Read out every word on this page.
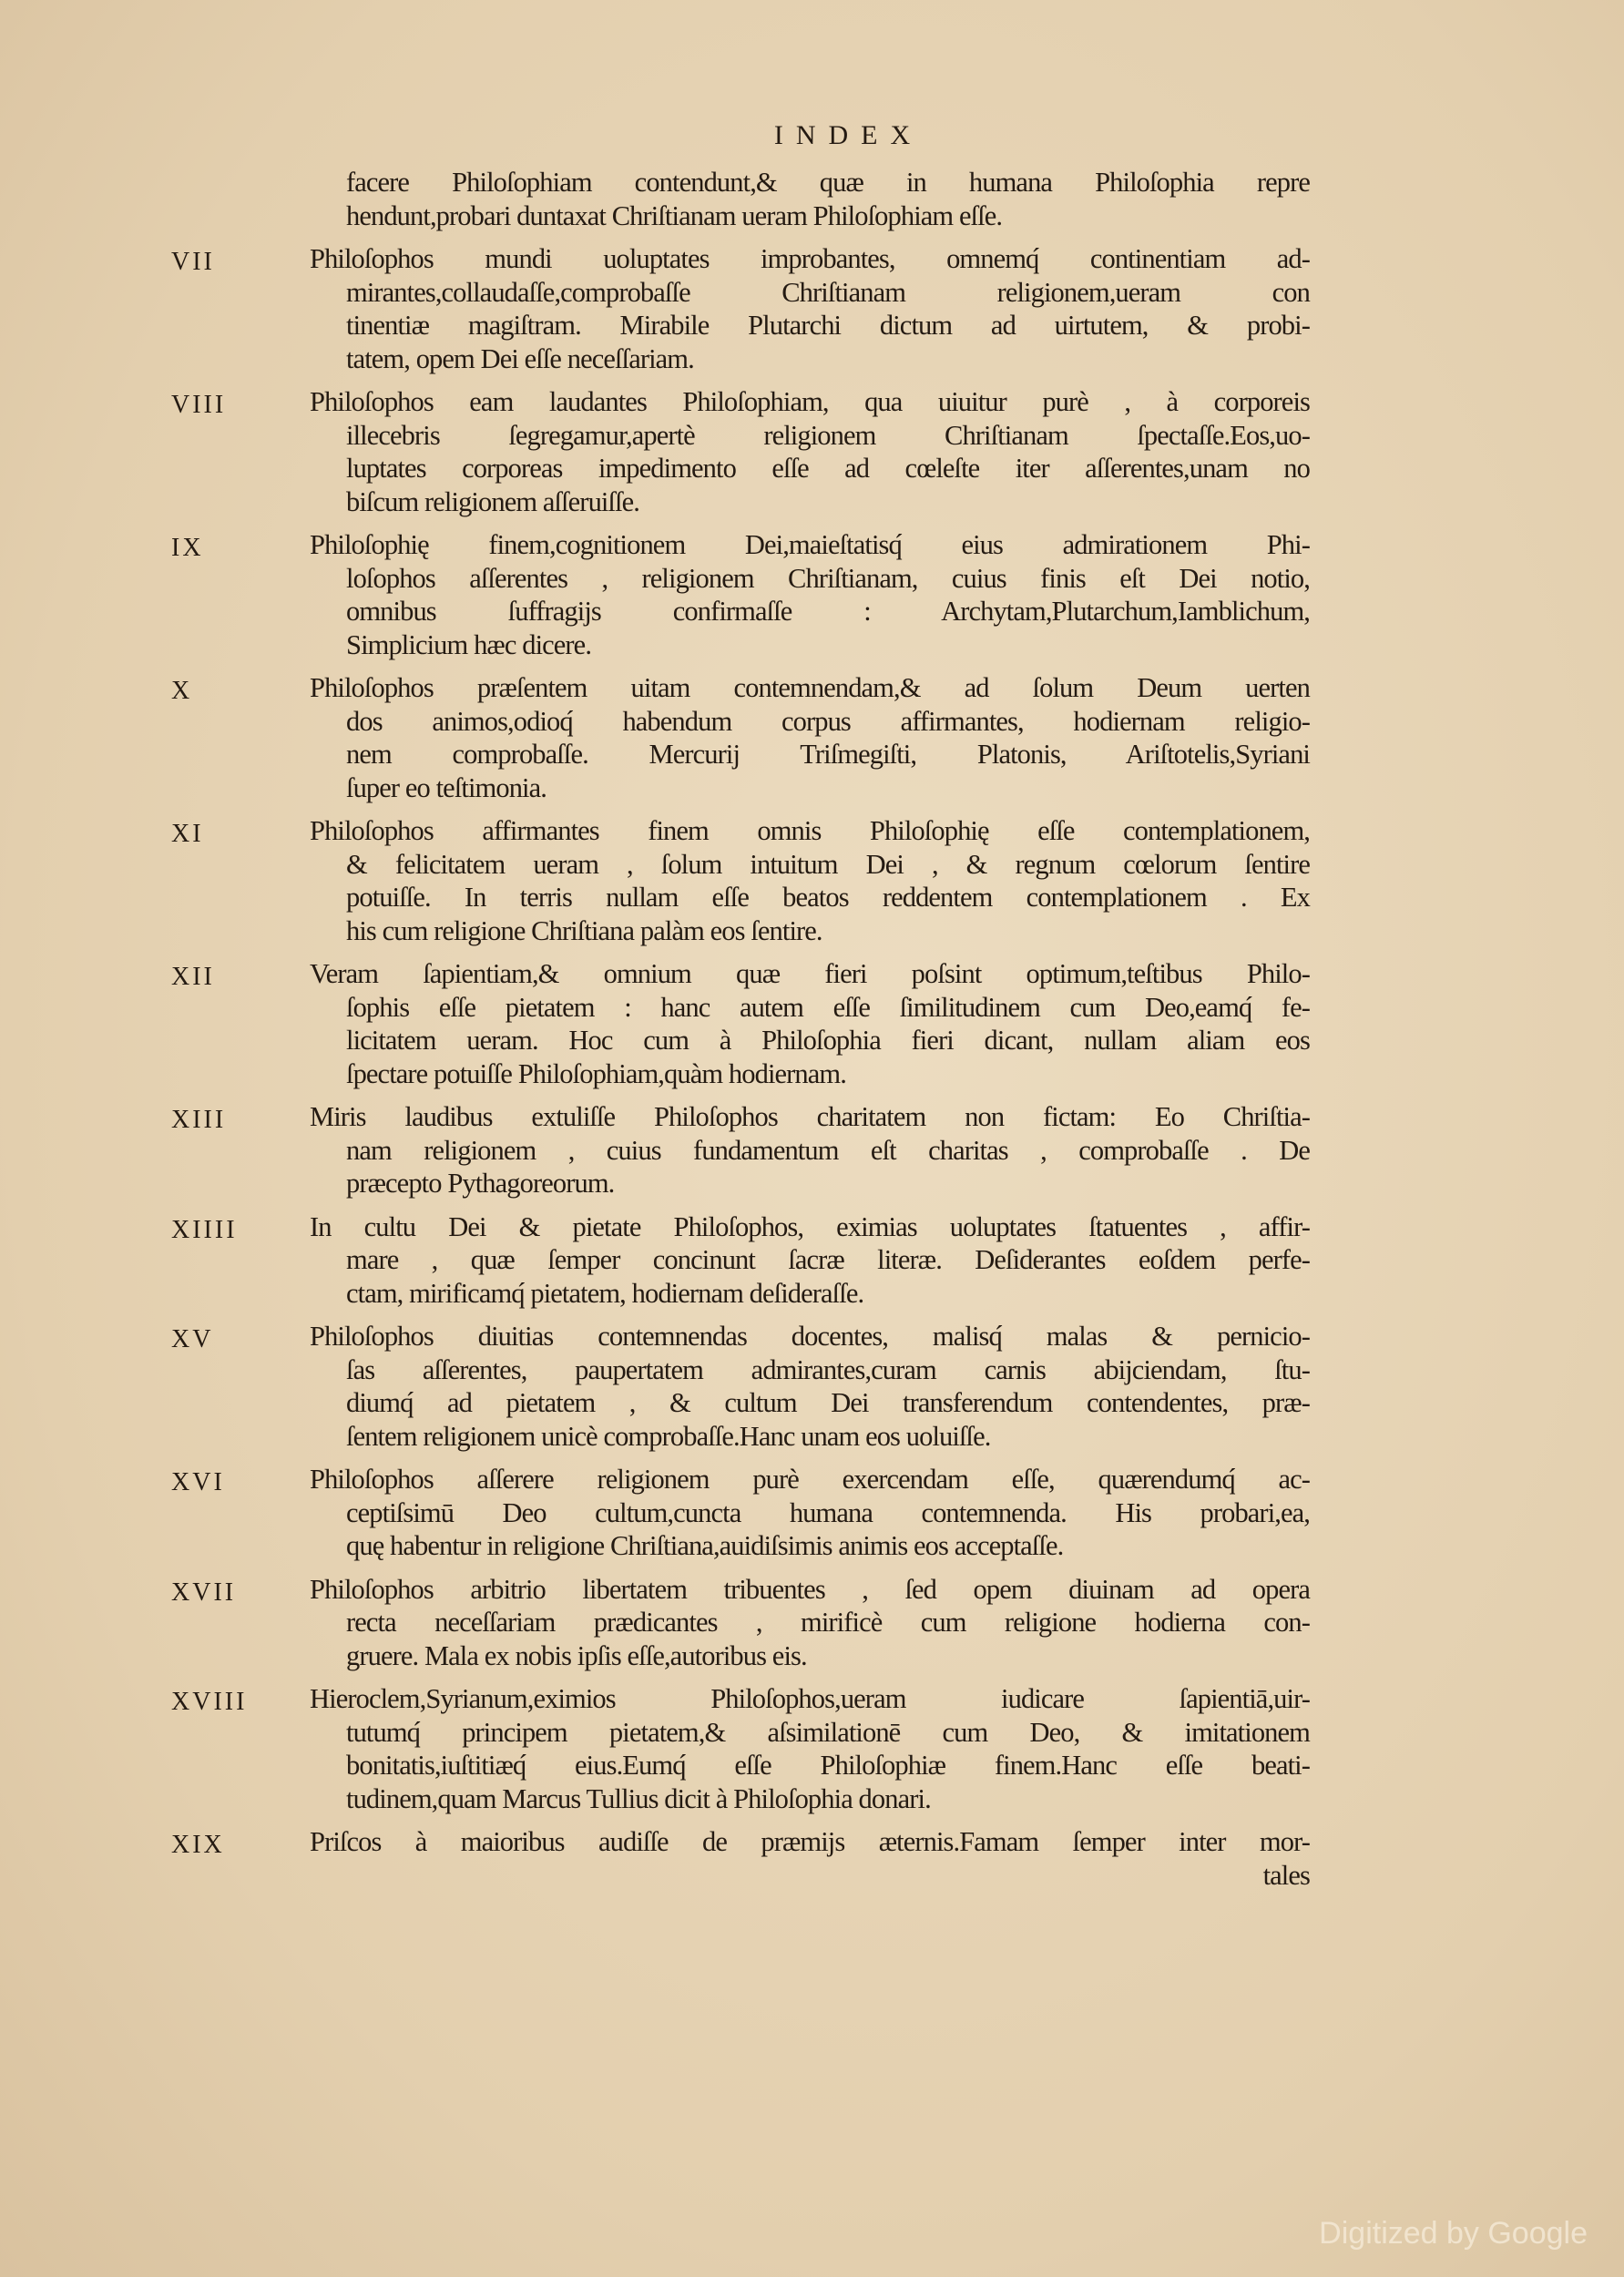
INDEX
facere Philoſophiam contendunt,& quæ in humana Philoſophia repre
hendunt,probari duntaxat Chriſtianam ueram Philoſophiam eſſe.
VII	Philoſophos mundi uoluptates improbantes, omnemq́ continentiam ad-
mirantes,collaudaſſe,comprobaſſe Chriſtianam religionem,ueram con
tinentiæ magiſtram. Mirabile Plutarchi dictum ad uirtutem, & probi-
tatem, opem Dei eſſe neceſſariam.
VIII	Philoſophos eam laudantes Philoſophiam, qua uiuitur purè , à corporeis
illecebris ſegregamur,apertè religionem Chriſtianam ſpectaſſe.Eos,uo-
luptates corporeas impedimento eſſe ad cœleſte iter aſſerentes,unam no
biſcum religionem aſſeruiſſe.
IX	Philoſophię finem,cognitionem Dei,maieſtatisq́ eius admirationem Phi-
loſophos aſſerentes , religionem Chriſtianam, cuius finis eſt Dei notio,
omnibus ſuffragijs confirmaſſe : Archytam,Plutarchum,Iamblichum,
Simplicium hæc dicere.
X	Philoſophos præſentem uitam contemnendam,& ad ſolum Deum uerten
dos animos,odioq́ habendum corpus affirmantes, hodiernam religio-
nem comprobaſſe. Mercurij Triſmegiſti, Platonis, Ariſtotelis,Syriani
ſuper eo teſtimonia.
XI	Philoſophos affirmantes finem omnis Philoſophię eſſe contemplationem,
& felicitatem ueram , ſolum intuitum Dei , & regnum cœlorum ſentire
potuiſſe. In terris nullam eſſe beatos reddentem contemplationem . Ex
his cum religione Chriſtiana palàm eos ſentire.
XII	Veram ſapientiam,& omnium quæ fieri poſsint optimum,teſtibus Philo-
ſophis eſſe pietatem : hanc autem eſſe ſimilitudinem cum Deo,eamq́ fe-
licitatem ueram. Hoc cum à Philoſophia fieri dicant, nullam aliam eos
ſpectare potuiſſe Philoſophiam,quàm hodiernam.
XIII	Miris laudibus extuliſſe Philoſophos charitatem non fictam: Eo Chriſtia-
nam religionem , cuius fundamentum eſt charitas , comprobaſſe . De
præcepto Pythagoreorum.
XIIII	In cultu Dei & pietate Philoſophos, eximias uoluptates ſtatuentes , affir-
mare , quæ ſemper concinunt ſacræ literæ. Deſiderantes eoſdem perfe-
ctam, mirificamq́ pietatem, hodiernam deſideraſſe.
XV	Philoſophos diuitias contemnendas docentes, malisq́ malas & pernicio-
ſas aſſerentes, paupertatem admirantes,curam carnis abijciendam, ſtu-
diumq́ ad pietatem , & cultum Dei transferendum contendentes, præ-
ſentem religionem unicè comprobaſſe.Hanc unam eos uoluiſſe.
XVI	Philoſophos aſſerere religionem purè exercendam eſſe, quærendumq́ ac-
ceptiſsimū Deo cultum,cuncta humana contemnenda. His probari,ea,
quę habentur in religione Chriſtiana,auidiſsimis animis eos acceptaſſe.
XVII	Philoſophos arbitrio libertatem tribuentes , ſed opem diuinam ad opera
recta neceſſariam prædicantes , mirificè cum religione hodierna con-
gruere. Mala ex nobis ipſis eſſe,autoribus eis.
XVIII	Hieroclem,Syrianum,eximios Philoſophos,ueram iudicare ſapientiā,uir-
tutumq́ principem pietatem,& aſsimilationē cum Deo, & imitationem
bonitatis,iuſtitiæq́ eius.Eumq́ eſſe Philoſophiæ finem.Hanc eſſe beati-
tudinem,quam Marcus Tullius dicit à Philoſophia donari.
XIX	Priſcos à maioribus audiſſe de præmijs æternis.Famam ſemper inter mor-
tales
Digitized by Google
